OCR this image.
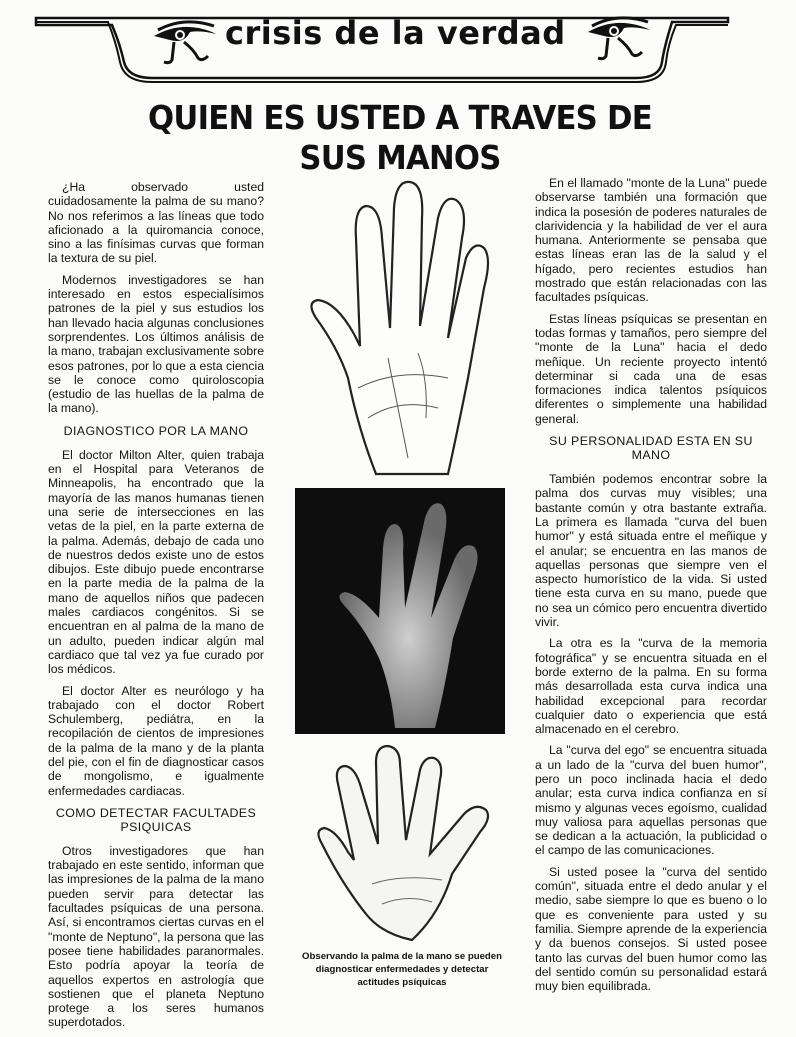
crisis de la verdad
QUIEN ES USTED A TRAVES DE
SUS MANOS

¿Ha observado usted cuidadosamente la palma de su mano? No nos referimos a las líneas que todo aficionado a la quiromancia conoce, sino a las finísimas curvas que forman la textura de su piel.

Modernos investigadores se han interesado en estos especialísimos patrones de la piel y sus estudios los han llevado hacia algunas conclusiones sorprendentes. Los últimos análisis de la mano, trabajan exclusivamente sobre esos patrones, por lo que a esta ciencia se le conoce como quiroloscopia (estudio de las huellas de la palma de la mano).

DIAGNOSTICO POR LA MANO

El doctor Milton Alter, quien trabaja en el Hospital para Veteranos de Minneapolis, ha encontrado que la mayoría de las manos humanas tienen una serie de intersecciones en las vetas de la piel, en la parte externa de la palma. Además, debajo de cada uno de nuestros dedos existe uno de estos dibujos. Este dibujo puede encontrarse en la parte media de la palma de la mano de aquellos niños que padecen males cardiacos congénitos. Si se encuentran en al palma de la mano de un adulto, pueden indicar algún mal cardiaco que tal vez ya fue curado por los médicos.

El doctor Alter es neurólogo y ha trabajado con el doctor Robert Schulemberg, pediátra, en la recopilación de cientos de impresiones de la palma de la mano y de la planta del pie, con el fin de diagnosticar casos de mongolismo, e igualmente enfermedades cardiacas.

COMO DETECTAR FACULTADES PSIQUICAS

Otros investigadores que han trabajado en este sentido, informan que las impresiones de la palma de la mano pueden servir para detectar las facultades psíquicas de una persona. Así, si encontramos ciertas curvas en el "monte de Neptuno", la persona que las posee tiene habilidades paranormales. Esto podría apoyar la teoría de aquellos expertos en astrología que sostienen que el planeta Neptuno protege a los seres humanos superdotados.

Observando la palma de la mano se pueden diagnosticar enfermedades y detectar actitudes psíquicas

En el llamado "monte de la Luna" puede observarse también una formación que indica la posesión de poderes naturales de clarividencia y la habilidad de ver el aura humana. Anteriormente se pensaba que estas líneas eran las de la salud y el hígado, pero recientes estudios han mostrado que están relacionadas con las facultades psíquicas.

Estas líneas psíquicas se presentan en todas formas y tamaños, pero siempre del "monte de la Luna" hacia el dedo meñique. Un reciente proyecto intentó determinar si cada una de esas formaciones indica talentos psíquicos diferentes o simplemente una habilidad general.

SU PERSONALIDAD ESTA EN SU MANO

También podemos encontrar sobre la palma dos curvas muy visibles; una bastante común y otra bastante extraña. La primera es llamada "curva del buen humor" y está situada entre el meñique y el anular; se encuentra en las manos de aquellas personas que siempre ven el aspecto humorístico de la vida. Si usted tiene esta curva en su mano, puede que no sea un cómico pero encuentra divertido vivir.

La otra es la "curva de la memoria fotográfica" y se encuentra situada en el borde externo de la palma. En su forma más desarrollada esta curva indica una habilidad excepcional para recordar cualquier dato o experiencia que está almacenado en el cerebro.

La "curva del ego" se encuentra situada a un lado de la "curva del buen humor", pero un poco inclinada hacia el dedo anular; esta curva indica confianza en sí mismo y algunas veces egoísmo, cualidad muy valiosa para aquellas personas que se dedican a la actuación, la publicidad o el campo de las comunicaciones.

Si usted posee la "curva del sentido común", situada entre el dedo anular y el medio, sabe siempre lo que es bueno o lo que es conveniente para usted y su familia. Siempre aprende de la experiencia y da buenos consejos. Si usted posee tanto las curvas del buen humor como las del sentido común su personalidad estará muy bien equilibrada.
